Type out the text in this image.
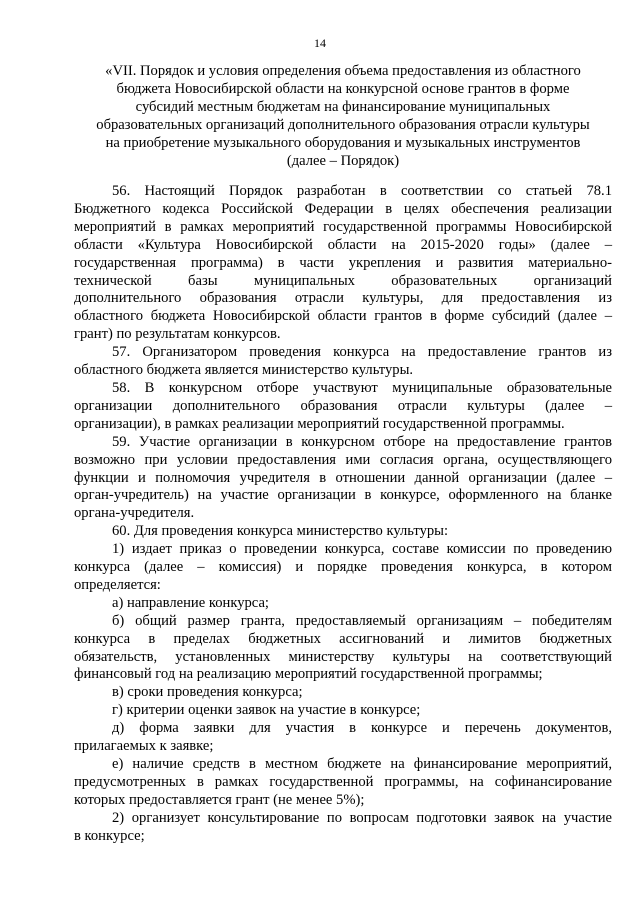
14
«VII. Порядок и условия определения объема предоставления из областного
бюджета Новосибирской области на конкурсной основе грантов в форме
субсидий местным бюджетам на финансирование муниципальных
образовательных организаций дополнительного образования отрасли культуры
на приобретение музыкального оборудования и музыкальных инструментов
(далее – Порядок)
56. Настоящий Порядок разработан в соответствии со статьей 78.1
Бюджетного кодекса Российской Федерации в целях обеспечения реализации
мероприятий в рамках мероприятий государственной программы Новосибирской
области «Культура Новосибирской области на 2015-2020 годы» (далее –
государственная программа) в части укрепления и развития материально-
технической базы муниципальных образовательных организаций
дополнительного образования отрасли культуры, для предоставления из
областного бюджета Новосибирской области грантов в форме субсидий (далее –
грант) по результатам конкурсов.
57. Организатором проведения конкурса на предоставление грантов из
областного бюджета является министерство культуры.
58. В конкурсном отборе участвуют муниципальные образовательные
организации дополнительного образования отрасли культуры (далее –
организации), в рамках реализации мероприятий государственной программы.
59. Участие организации в конкурсном отборе на предоставление грантов
возможно при условии предоставления ими согласия органа, осуществляющего
функции и полномочия учредителя в отношении данной организации (далее –
орган-учредитель) на участие организации в конкурсе, оформленного на бланке
органа-учредителя.
60. Для проведения конкурса министерство культуры:
1) издает приказ о проведении конкурса, составе комиссии по проведению
конкурса (далее – комиссия) и порядке проведения конкурса, в котором
определяется:
а) направление конкурса;
б) общий размер гранта, предоставляемый организациям – победителям
конкурса в пределах бюджетных ассигнований и лимитов бюджетных
обязательств, установленных министерству культуры на соответствующий
финансовый год на реализацию мероприятий государственной программы;
в) сроки проведения конкурса;
г) критерии оценки заявок на участие в конкурсе;
д) форма заявки для участия в конкурсе и перечень документов,
прилагаемых к заявке;
е) наличие средств в местном бюджете на финансирование мероприятий,
предусмотренных в рамках государственной программы, на софинансирование
которых предоставляется грант (не менее 5%);
2) организует консультирование по вопросам подготовки заявок на участие
в конкурсе;
